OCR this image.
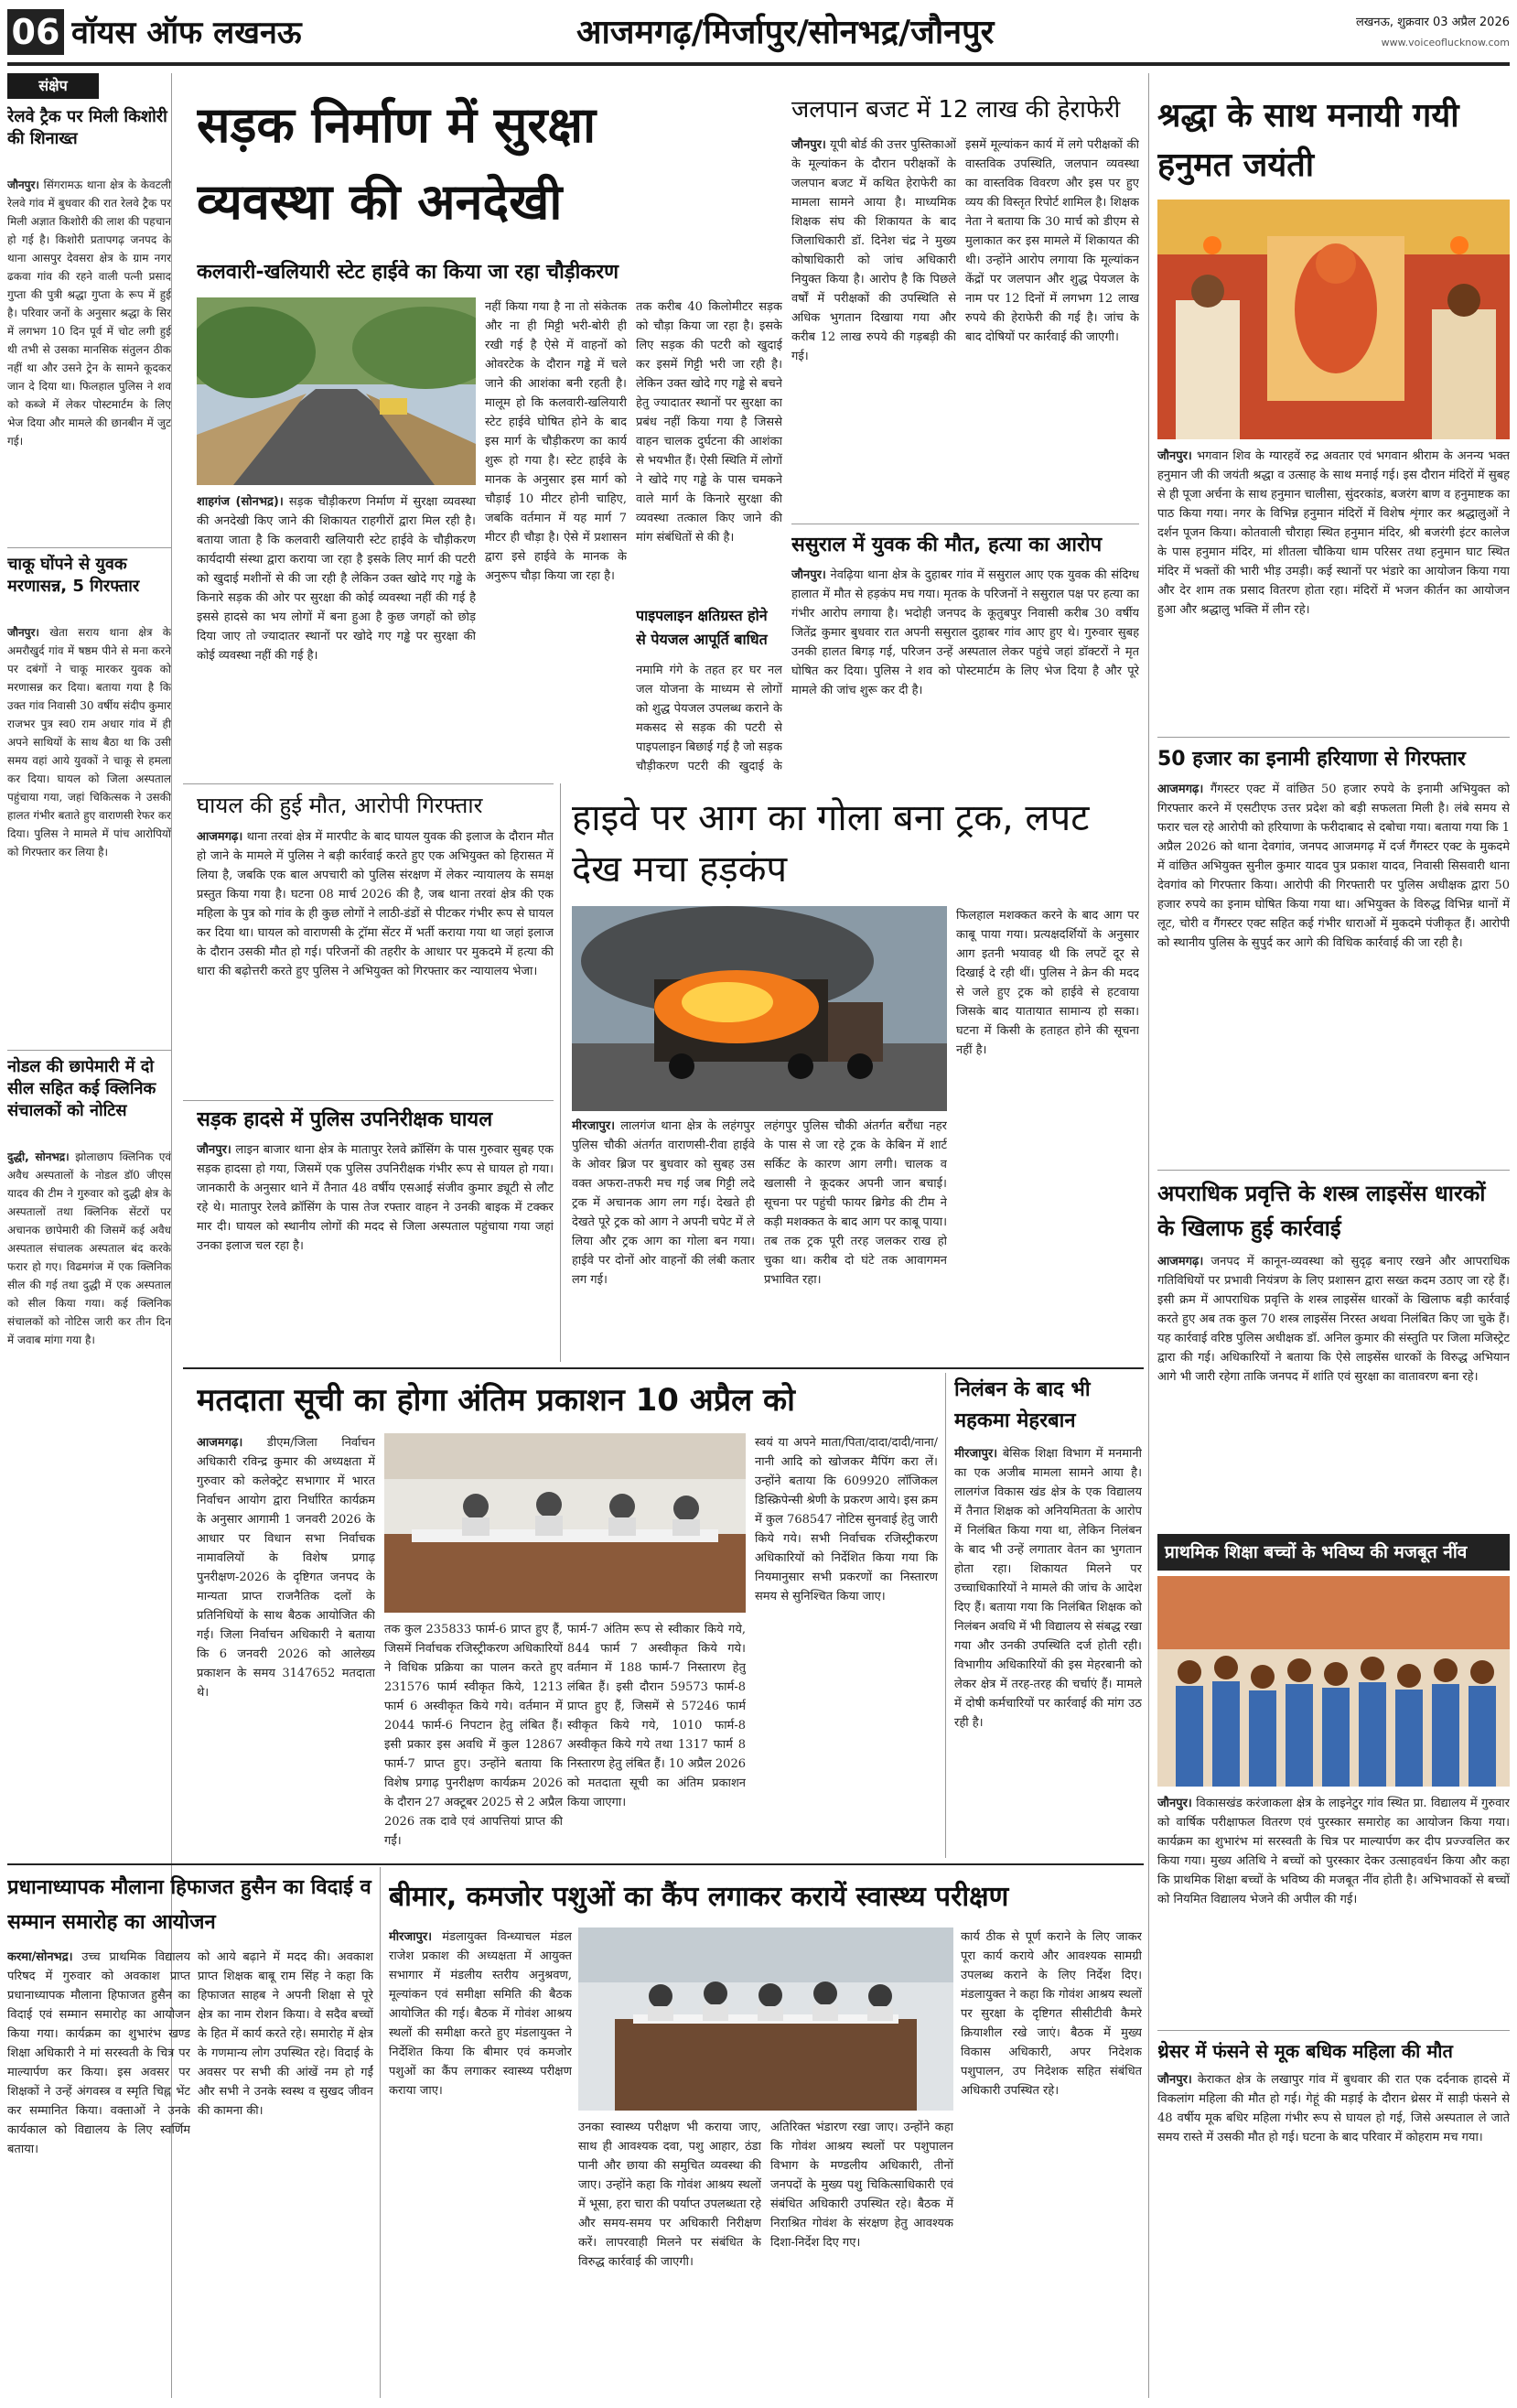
06 वॉयस ऑफ लखनऊ	आजमगढ़/मिर्जापुर/सोनभद्र/जौनपुर	लखनऊ, शुक्रवार 03 अप्रैल 2026
www.voiceoflucknow.com
संक्षेप
रेलवे ट्रैक पर मिली किशोरी की शिनाख्त
जौनपुर। सिंगरामऊ थाना क्षेत्र के केवटली रेलवे गांव में बुधवार की रात रेलवे ट्रैक पर मिली अज्ञात किशोरी की लाश की पहचान हो गई है। किशोरी प्रतापगढ़ जनपद के थाना आसपुर देवसरा क्षेत्र के ग्राम नगर ढकवा गांव की रहने वाली पत्नी प्रसाद गुप्ता की पुत्री श्रद्धा गुप्ता के रूप में हुई है। परिवार जनों के अनुसार श्रद्धा के सिर में लगभग 10 दिन पूर्व में चोट लगी हुई थी तभी से उसका मानसिक संतुलन ठीक नहीं था और उसने ट्रेन के सामने कूदकर जान दे दिया था। फिलहाल पुलिस ने शव को कब्जे में लेकर पोस्टमार्टम के लिए भेज दिया और मामले की छानबीन में जुट गई।
चाकू घोंपने से युवक मरणासन्न, 5 गिरफ्तार
जौनपुर। खेता सराय थाना क्षेत्र के अमरौखुर्द गांव में षष्ठम पीने से मना करने पर दबंगों ने चाकू मारकर युवक को मरणासन्न कर दिया। बताया गया है कि उक्त गांव निवासी 30 वर्षीय संदीप कुमार राजभर पुत्र स्व0 राम अधार गांव में ही अपने साथियों के साथ बैठा था कि उसी समय वहां आये युवकों ने चाकू से हमला कर दिया। घायल को जिला अस्पताल पहुंचाया गया, जहां चिकित्सक ने उसकी हालत गंभीर बताते हुए वाराणसी रेफर कर दिया। पुलिस ने मामले में पांच आरोपियों को गिरफ्तार कर लिया है।
नोडल की छापेमारी में दो सील सहित कई क्लिनिक संचालकों को नोटिस
दुद्धी, सोनभद्र। झोलाछाप क्लिनिक एवं अवैध अस्पतालों के नोडल डॉ0 जीएस यादव की टीम ने गुरुवार को दुद्धी क्षेत्र के अस्पतालों तथा क्लिनिक सेंटरों पर अचानक छापेमारी की जिसमें कई अवैध अस्पताल संचालक अस्पताल बंद करके फरार हो गए। विढमगंज में एक क्लिनिक सील की गई तथा दुद्धी में एक अस्पताल को सील किया गया। कई क्लिनिक संचालकों को नोटिस जारी कर तीन दिन में जवाब मांगा गया है।
सड़क निर्माण में सुरक्षा व्यवस्था की अनदेखी
कलवारी-खलियारी स्टेट हाईवे का किया जा रहा चौड़ीकरण
शाहगंज (सोनभद्र)। सड़क चौड़ीकरण निर्माण में सुरक्षा व्यवस्था की अनदेखी किए जाने की शिकायत राहगीरों द्वारा मिल रही है। बताया जाता है कि कलवारी खलियारी स्टेट हाईवे के चौड़ीकरण कार्यदायी संस्था द्वारा कराया जा रहा है इसके लिए मार्ग की पटरी को खुदाई मशीनों से की जा रही है लेकिन उक्त खोदे गए गड्ढे के किनारे सड़क की ओर पर सुरक्षा की कोई व्यवस्था नहीं की गई है इससे हादसे का भय लोगों में बना हुआ है कुछ जगहों को छोड़ दिया जाए तो ज्यादातर स्थानों पर खोदे गए गड्ढे पर सुरक्षा की कोई व्यवस्था नहीं की गई है।
नहीं किया गया है ना तो संकेतक और ना ही मिट्टी भरी-बोरी ही रखी गई है ऐसे में वाहनों को ओवरटेक के दौरान गड्ढे में चले जाने की आशंका बनी रहती है। मालूम हो कि कलवारी-खलियारी स्टेट हाईवे घोषित होने के बाद इस मार्ग के चौड़ीकरण का कार्य शुरू हो गया है। स्टेट हाईवे के मानक के अनुसार इस मार्ग को चौड़ाई 10 मीटर होनी चाहिए, जबकि वर्तमान में यह मार्ग 7 मीटर ही चौड़ा है। ऐसे में प्रशासन द्वारा इसे हाईवे के मानक के अनुरूप चौड़ा किया जा रहा है।
तक करीब 40 किलोमीटर सड़क को चौड़ा किया जा रहा है। इसके लिए सड़क की पटरी को खुदाई कर इसमें गिट्टी भरी जा रही है। लेकिन उक्त खोदे गए गड्ढे से बचने हेतु ज्यादातर स्थानों पर सुरक्षा का प्रबंध नहीं किया गया है जिससे वाहन चालक दुर्घटना की आशंका से भयभीत हैं। ऐसी स्थिति में लोगों ने खोदे गए गड्ढे के पास चमकने वाले मार्ग के किनारे सुरक्षा की व्यवस्था तत्काल किए जाने की मांग संबंधितों से की है।
पाइपलाइन क्षतिग्रस्त होने से पेयजल आपूर्ति बाधित
नमामि गंगे के तहत हर घर नल जल योजना के माध्यम से लोगों को शुद्ध पेयजल उपलब्ध कराने के मकसद से सड़क की पटरी से पाइपलाइन बिछाई गई है जो सड़क चौड़ीकरण पटरी की खुदाई के
जलपान बजट में 12 लाख की हेराफेरी
जौनपुर। यूपी बोर्ड की उत्तर पुस्तिकाओं के मूल्यांकन के दौरान परीक्षकों के जलपान बजट में कथित हेराफेरी का मामला सामने आया है। माध्यमिक शिक्षक संघ की शिकायत के बाद जिलाधिकारी डॉ. दिनेश चंद्र ने मुख्य कोषाधिकारी को जांच अधिकारी नियुक्त किया है। आरोप है कि पिछले वर्षों में परीक्षकों की उपस्थिति से अधिक भुगतान दिखाया गया और करीब 12 लाख रुपये की गड़बड़ी की गई।
इसमें मूल्यांकन कार्य में लगे परीक्षकों की वास्तविक उपस्थिति, जलपान व्यवस्था का वास्तविक विवरण और इस पर हुए व्यय की विस्तृत रिपोर्ट शामिल है। शिक्षक नेता ने बताया कि 30 मार्च को डीएम से मुलाकात कर इस मामले में शिकायत की थी। उन्होंने आरोप लगाया कि मूल्यांकन केंद्रों पर जलपान और शुद्ध पेयजल के नाम पर 12 दिनों में लगभग 12 लाख रुपये की हेराफेरी की गई है। जांच के बाद दोषियों पर कार्रवाई की जाएगी।
ससुराल में युवक की मौत, हत्या का आरोप
जौनपुर। नेवढ़िया थाना क्षेत्र के दुहाबर गांव में ससुराल आए एक युवक की संदिग्ध हालात में मौत से हड़कंप मच गया। मृतक के परिजनों ने ससुराल पक्ष पर हत्या का गंभीर आरोप लगाया है। भदोही जनपद के कूतुबपुर निवासी करीब 30 वर्षीय जितेंद्र कुमार बुधवार रात अपनी ससुराल दुहाबर गांव आए हुए थे। गुरुवार सुबह उनकी हालत बिगड़ गई, परिजन उन्हें अस्पताल लेकर पहुंचे जहां डॉक्टरों ने मृत घोषित कर दिया। पुलिस ने शव को पोस्टमार्टम के लिए भेज दिया है और पूरे मामले की जांच शुरू कर दी है।
श्रद्धा के साथ मनायी गयी हनुमत जयंती
जौनपुर। भगवान शिव के ग्यारहवें रुद्र अवतार एवं भगवान श्रीराम के अनन्य भक्त हनुमान जी की जयंती श्रद्धा व उत्साह के साथ मनाई गई। इस दौरान मंदिरों में सुबह से ही पूजा अर्चना के साथ हनुमान चालीसा, सुंदरकांड, बजरंग बाण व हनुमाष्टक का पाठ किया गया। नगर के विभिन्न हनुमान मंदिरों में विशेष शृंगार कर श्रद्धालुओं ने दर्शन पूजन किया। कोतवाली चौराहा स्थित हनुमान मंदिर, श्री बजरंगी इंटर कालेज के पास हनुमान मंदिर, मां शीतला चौकिया धाम परिसर तथा हनुमान घाट स्थित मंदिर में भक्तों की भारी भीड़ उमड़ी। कई स्थानों पर भंडारे का आयोजन किया गया और देर शाम तक प्रसाद वितरण होता रहा। मंदिरों में भजन कीर्तन का आयोजन हुआ और श्रद्धालु भक्ति में लीन रहे।
50 हजार का इनामी हरियाणा से गिरफ्तार
आजमगढ़। गैंगस्टर एक्ट में वांछित 50 हजार रुपये के इनामी अभियुक्त को गिरफ्तार करने में एसटीएफ उत्तर प्रदेश को बड़ी सफलता मिली है। लंबे समय से फरार चल रहे आरोपी को हरियाणा के फरीदाबाद से दबोचा गया। बताया गया कि 1 अप्रैल 2026 को थाना देवगांव, जनपद आजमगढ़ में दर्ज गैंगस्टर एक्ट के मुकदमे में वांछित अभियुक्त सुनील कुमार यादव पुत्र प्रकाश यादव, निवासी सिसवारी थाना देवगांव को गिरफ्तार किया। आरोपी की गिरफ्तारी पर पुलिस अधीक्षक द्वारा 50 हजार रुपये का इनाम घोषित किया गया था। अभियुक्त के विरुद्ध विभिन्न थानों में लूट, चोरी व गैंगस्टर एक्ट सहित कई गंभीर धाराओं में मुकदमे पंजीकृत हैं। आरोपी को स्थानीय पुलिस के सुपुर्द कर आगे की विधिक कार्रवाई की जा रही है।
अपराधिक प्रवृत्ति के शस्त्र लाइसेंस धारकों के खिलाफ हुई कार्रवाई
आजमगढ़। जनपद में कानून-व्यवस्था को सुदृढ़ बनाए रखने और आपराधिक गतिविधियों पर प्रभावी नियंत्रण के लिए प्रशासन द्वारा सख्त कदम उठाए जा रहे हैं। इसी क्रम में आपराधिक प्रवृत्ति के शस्त्र लाइसेंस धारकों के खिलाफ बड़ी कार्रवाई करते हुए अब तक कुल 70 शस्त्र लाइसेंस निरस्त अथवा निलंबित किए जा चुके हैं। यह कार्रवाई वरिष्ठ पुलिस अधीक्षक डॉ. अनिल कुमार की संस्तुति पर जिला मजिस्ट्रेट द्वारा की गई। अधिकारियों ने बताया कि ऐसे लाइसेंस धारकों के विरुद्ध अभियान आगे भी जारी रहेगा ताकि जनपद में शांति एवं सुरक्षा का वातावरण बना रहे।
प्राथमिक शिक्षा बच्चों के भविष्य की मजबूत नींव
जौनपुर। विकासखंड करंजाकला क्षेत्र के लाइनेटुर गांव स्थित प्रा. विद्यालय में गुरुवार को वार्षिक परीक्षाफल वितरण एवं पुरस्कार समारोह का आयोजन किया गया। कार्यक्रम का शुभारंभ मां सरस्वती के चित्र पर माल्यार्पण कर दीप प्रज्ज्वलित कर किया गया। मुख्य अतिथि ने बच्चों को पुरस्कार देकर उत्साहवर्धन किया और कहा कि प्राथमिक शिक्षा बच्चों के भविष्य की मजबूत नींव होती है। अभिभावकों से बच्चों को नियमित विद्यालय भेजने की अपील की गई।
थ्रेसर में फंसने से मूक बधिक महिला की मौत
जौनपुर। केराकत क्षेत्र के लखापुर गांव में बुधवार की रात एक दर्दनाक हादसे में विकलांग महिला की मौत हो गई। गेहूं की मड़ाई के दौरान थ्रेसर में साड़ी फंसने से 48 वर्षीय मूक बधिर महिला गंभीर रूप से घायल हो गई, जिसे अस्पताल ले जाते समय रास्ते में उसकी मौत हो गई। घटना के बाद परिवार में कोहराम मच गया।
घायल की हुई मौत, आरोपी गिरफ्तार
आजमगढ़। थाना तरवां क्षेत्र में मारपीट के बाद घायल युवक की इलाज के दौरान मौत हो जाने के मामले में पुलिस ने बड़ी कार्रवाई करते हुए एक अभियुक्त को हिरासत में लिया है, जबकि एक बाल अपचारी को पुलिस संरक्षण में लेकर न्यायालय के समक्ष प्रस्तुत किया गया है। घटना 08 मार्च 2026 की है, जब थाना तरवां क्षेत्र की एक महिला के पुत्र को गांव के ही कुछ लोगों ने लाठी-डंडों से पीटकर गंभीर रूप से घायल कर दिया था। घायल को वाराणसी के ट्रॉमा सेंटर में भर्ती कराया गया था जहां इलाज के दौरान उसकी मौत हो गई। परिजनों की तहरीर के आधार पर मुकदमे में हत्या की धारा की बढ़ोत्तरी करते हुए पुलिस ने अभियुक्त को गिरफ्तार कर न्यायालय भेजा।
सड़क हादसे में पुलिस उपनिरीक्षक घायल
जौनपुर। लाइन बाजार थाना क्षेत्र के मातापुर रेलवे क्रॉसिंग के पास गुरुवार सुबह एक सड़क हादसा हो गया, जिसमें एक पुलिस उपनिरीक्षक गंभीर रूप से घायल हो गया। जानकारी के अनुसार थाने में तैनात 48 वर्षीय एसआई संजीव कुमार ड्यूटी से लौट रहे थे। मातापुर रेलवे क्रॉसिंग के पास तेज रफ्तार वाहन ने उनकी बाइक में टक्कर मार दी। घायल को स्थानीय लोगों की मदद से जिला अस्पताल पहुंचाया गया जहां उनका इलाज चल रहा है।
हाइवे पर आग का गोला बना ट्रक, लपट देख मचा हड़कंप
मीरजापुर। लालगंज थाना क्षेत्र के लहंगपुर पुलिस चौकी अंतर्गत वाराणसी-रीवा हाईवे के ओवर ब्रिज पर बुधवार को सुबह उस वक्त अफरा-तफरी मच गई जब गिट्टी लदे ट्रक में अचानक आग लग गई। देखते ही देखते पूरे ट्रक को आग ने अपनी चपेट में ले लिया और ट्रक आग का गोला बन गया। हाईवे पर दोनों ओर वाहनों की लंबी कतार लग गई।
लहंगपुर पुलिस चौकी अंतर्गत बरौंधा नहर के पास से जा रहे ट्रक के केबिन में शार्ट सर्किट के कारण आग लगी। चालक व खलासी ने कूदकर अपनी जान बचाई। सूचना पर पहुंची फायर ब्रिगेड की टीम ने कड़ी मशक्कत के बाद आग पर काबू पाया। तब तक ट्रक पूरी तरह जलकर राख हो चुका था। करीब दो घंटे तक आवागमन प्रभावित रहा।
फिलहाल मशक्कत करने के बाद आग पर काबू पाया गया। प्रत्यक्षदर्शियों के अनुसार आग इतनी भयावह थी कि लपटें दूर से दिखाई दे रही थीं। पुलिस ने क्रेन की मदद से जले हुए ट्रक को हाईवे से हटवाया जिसके बाद यातायात सामान्य हो सका। घटना में किसी के हताहत होने की सूचना नहीं है।
मतदाता सूची का होगा अंतिम प्रकाशन 10 अप्रैल को
आजमगढ़। डीएम/जिला निर्वाचन अधिकारी रविन्द्र कुमार की अध्यक्षता में गुरुवार को कलेक्ट्रेट सभागार में भारत निर्वाचन आयोग द्वारा निर्धारित कार्यक्रम के अनुसार आगामी 1 जनवरी 2026 के आधार पर विधान सभा निर्वाचक नामावलियों के विशेष प्रगाढ़ पुनरीक्षण-2026 के दृष्टिगत जनपद के मान्यता प्राप्त राजनैतिक दलों के प्रतिनिधियों के साथ बैठक आयोजित की गई। जिला निर्वाचन अधिकारी ने बताया कि 6 जनवरी 2026 को आलेख्य प्रकाशन के समय 3147652 मतदाता थे।
तक कुल 235833 फार्म-6 प्राप्त हुए हैं, जिसमें निर्वाचक रजिस्ट्रीकरण अधिकारियों ने विधिक प्रक्रिया का पालन करते हुए 231576 फार्म स्वीकृत किये, 1213 फार्म 6 अस्वीकृत किये गये। वर्तमान में 2044 फार्म-6 निपटान हेतु लंबित हैं। इसी प्रकार इस अवधि में कुल 12867 फार्म-7 प्राप्त हुए। उन्होंने बताया कि विशेष प्रगाढ़ पुनरीक्षण कार्यक्रम 2026 के दौरान 27 अक्टूबर 2025 से 2 अप्रैल 2026 तक दावे एवं आपत्तियां प्राप्त की गईं।
फार्म-7 अंतिम रूप से स्वीकार किये गये, 844 फार्म 7 अस्वीकृत किये गये। वर्तमान में 188 फार्म-7 निस्तारण हेतु लंबित हैं। इसी दौरान 59573 फार्म-8 प्राप्त हुए हैं, जिसमें से 57246 फार्म स्वीकृत किये गये, 1010 फार्म-8 अस्वीकृत किये गये तथा 1317 फार्म 8 निस्तारण हेतु लंबित हैं। 10 अप्रैल 2026 को मतदाता सूची का अंतिम प्रकाशन किया जाएगा।
स्वयं या अपने माता/पिता/दादा/दादी/नाना/नानी आदि को खोजकर मैपिंग करा लें। उन्होंने बताया कि 609920 लॉजिकल डिस्क्रिपेन्सी श्रेणी के प्रकरण आये। इस क्रम में कुल 768547 नोटिस सुनवाई हेतु जारी किये गये। सभी निर्वाचक रजिस्ट्रीकरण अधिकारियों को निर्देशित किया गया कि नियमानुसार सभी प्रकरणों का निस्तारण समय से सुनिश्चित किया जाए।
निलंबन के बाद भी महकमा मेहरबान
मीरजापुर। बेसिक शिक्षा विभाग में मनमानी का एक अजीब मामला सामने आया है। लालगंज विकास खंड क्षेत्र के एक विद्यालय में तैनात शिक्षक को अनियमितता के आरोप में निलंबित किया गया था, लेकिन निलंबन के बाद भी उन्हें लगातार वेतन का भुगतान होता रहा। शिकायत मिलने पर उच्चाधिकारियों ने मामले की जांच के आदेश दिए हैं। बताया गया कि निलंबित शिक्षक को निलंबन अवधि में भी विद्यालय से संबद्ध रखा गया और उनकी उपस्थिति दर्ज होती रही। विभागीय अधिकारियों की इस मेहरबानी को लेकर क्षेत्र में तरह-तरह की चर्चाएं हैं। मामले में दोषी कर्मचारियों पर कार्रवाई की मांग उठ रही है।
प्रधानाध्यापक मौलाना हिफाजत हुसैन का विदाई व सम्मान समारोह का आयोजन
करमा/सोनभद्र। उच्च प्राथमिक विद्यालय परिषद में गुरुवार को अवकाश प्राप्त प्रधानाध्यापक मौलाना हिफाजत हुसैन का विदाई एवं सम्मान समारोह का आयोजन किया गया। कार्यक्रम का शुभारंभ खण्ड शिक्षा अधिकारी ने मां सरस्वती के चित्र पर माल्यार्पण कर किया। इस अवसर पर शिक्षकों ने उन्हें अंगवस्त्र व स्मृति चिह्न भेंट कर सम्मानित किया। वक्ताओं ने उनके कार्यकाल को विद्यालय के लिए स्वर्णिम बताया।
को आये बढ़ाने में मदद की। अवकाश प्राप्त शिक्षक बाबू राम सिंह ने कहा कि हिफाजत साहब ने अपनी शिक्षा से पूरे क्षेत्र का नाम रोशन किया। वे सदैव बच्चों के हित में कार्य करते रहे। समारोह में क्षेत्र के गणमान्य लोग उपस्थित रहे। विदाई के अवसर पर सभी की आंखें नम हो गईं और सभी ने उनके स्वस्थ व सुखद जीवन की कामना की।
बीमार, कमजोर पशुओं का कैंप लगाकर करायें स्वास्थ्य परीक्षण
मीरजापुर। मंडलायुक्त विन्ध्याचल मंडल राजेश प्रकाश की अध्यक्षता में आयुक्त सभागार में मंडलीय स्तरीय अनुश्रवण, मूल्यांकन एवं समीक्षा समिति की बैठक आयोजित की गई। बैठक में गोवंश आश्रय स्थलों की समीक्षा करते हुए मंडलायुक्त ने निर्देशित किया कि बीमार एवं कमजोर पशुओं का कैंप लगाकर स्वास्थ्य परीक्षण कराया जाए।
उनका स्वास्थ्य परीक्षण भी कराया जाए, साथ ही आवश्यक दवा, पशु आहार, ठंडा पानी और छाया की समुचित व्यवस्था की जाए। उन्होंने कहा कि गोवंश आश्रय स्थलों में भूसा, हरा चारा की पर्याप्त उपलब्धता रहे और समय-समय पर अधिकारी निरीक्षण करें। लापरवाही मिलने पर संबंधित के विरुद्ध कार्रवाई की जाएगी।
अतिरिक्त भंडारण रखा जाए। उन्होंने कहा कि गोवंश आश्रय स्थलों पर पशुपालन विभाग के मण्डलीय अधिकारी, तीनों जनपदों के मुख्य पशु चिकित्साधिकारी एवं संबंधित अधिकारी उपस्थित रहे। बैठक में निराश्रित गोवंश के संरक्षण हेतु आवश्यक दिशा-निर्देश दिए गए।
कार्य ठीक से पूर्ण कराने के लिए जाकर पूरा कार्य कराये और आवश्यक सामग्री उपलब्ध कराने के लिए निर्देश दिए। मंडलायुक्त ने कहा कि गोवंश आश्रय स्थलों पर सुरक्षा के दृष्टिगत सीसीटीवी कैमरे क्रियाशील रखे जाएं। बैठक में मुख्य विकास अधिकारी, अपर निदेशक पशुपालन, उप निदेशक सहित संबंधित अधिकारी उपस्थित रहे।
